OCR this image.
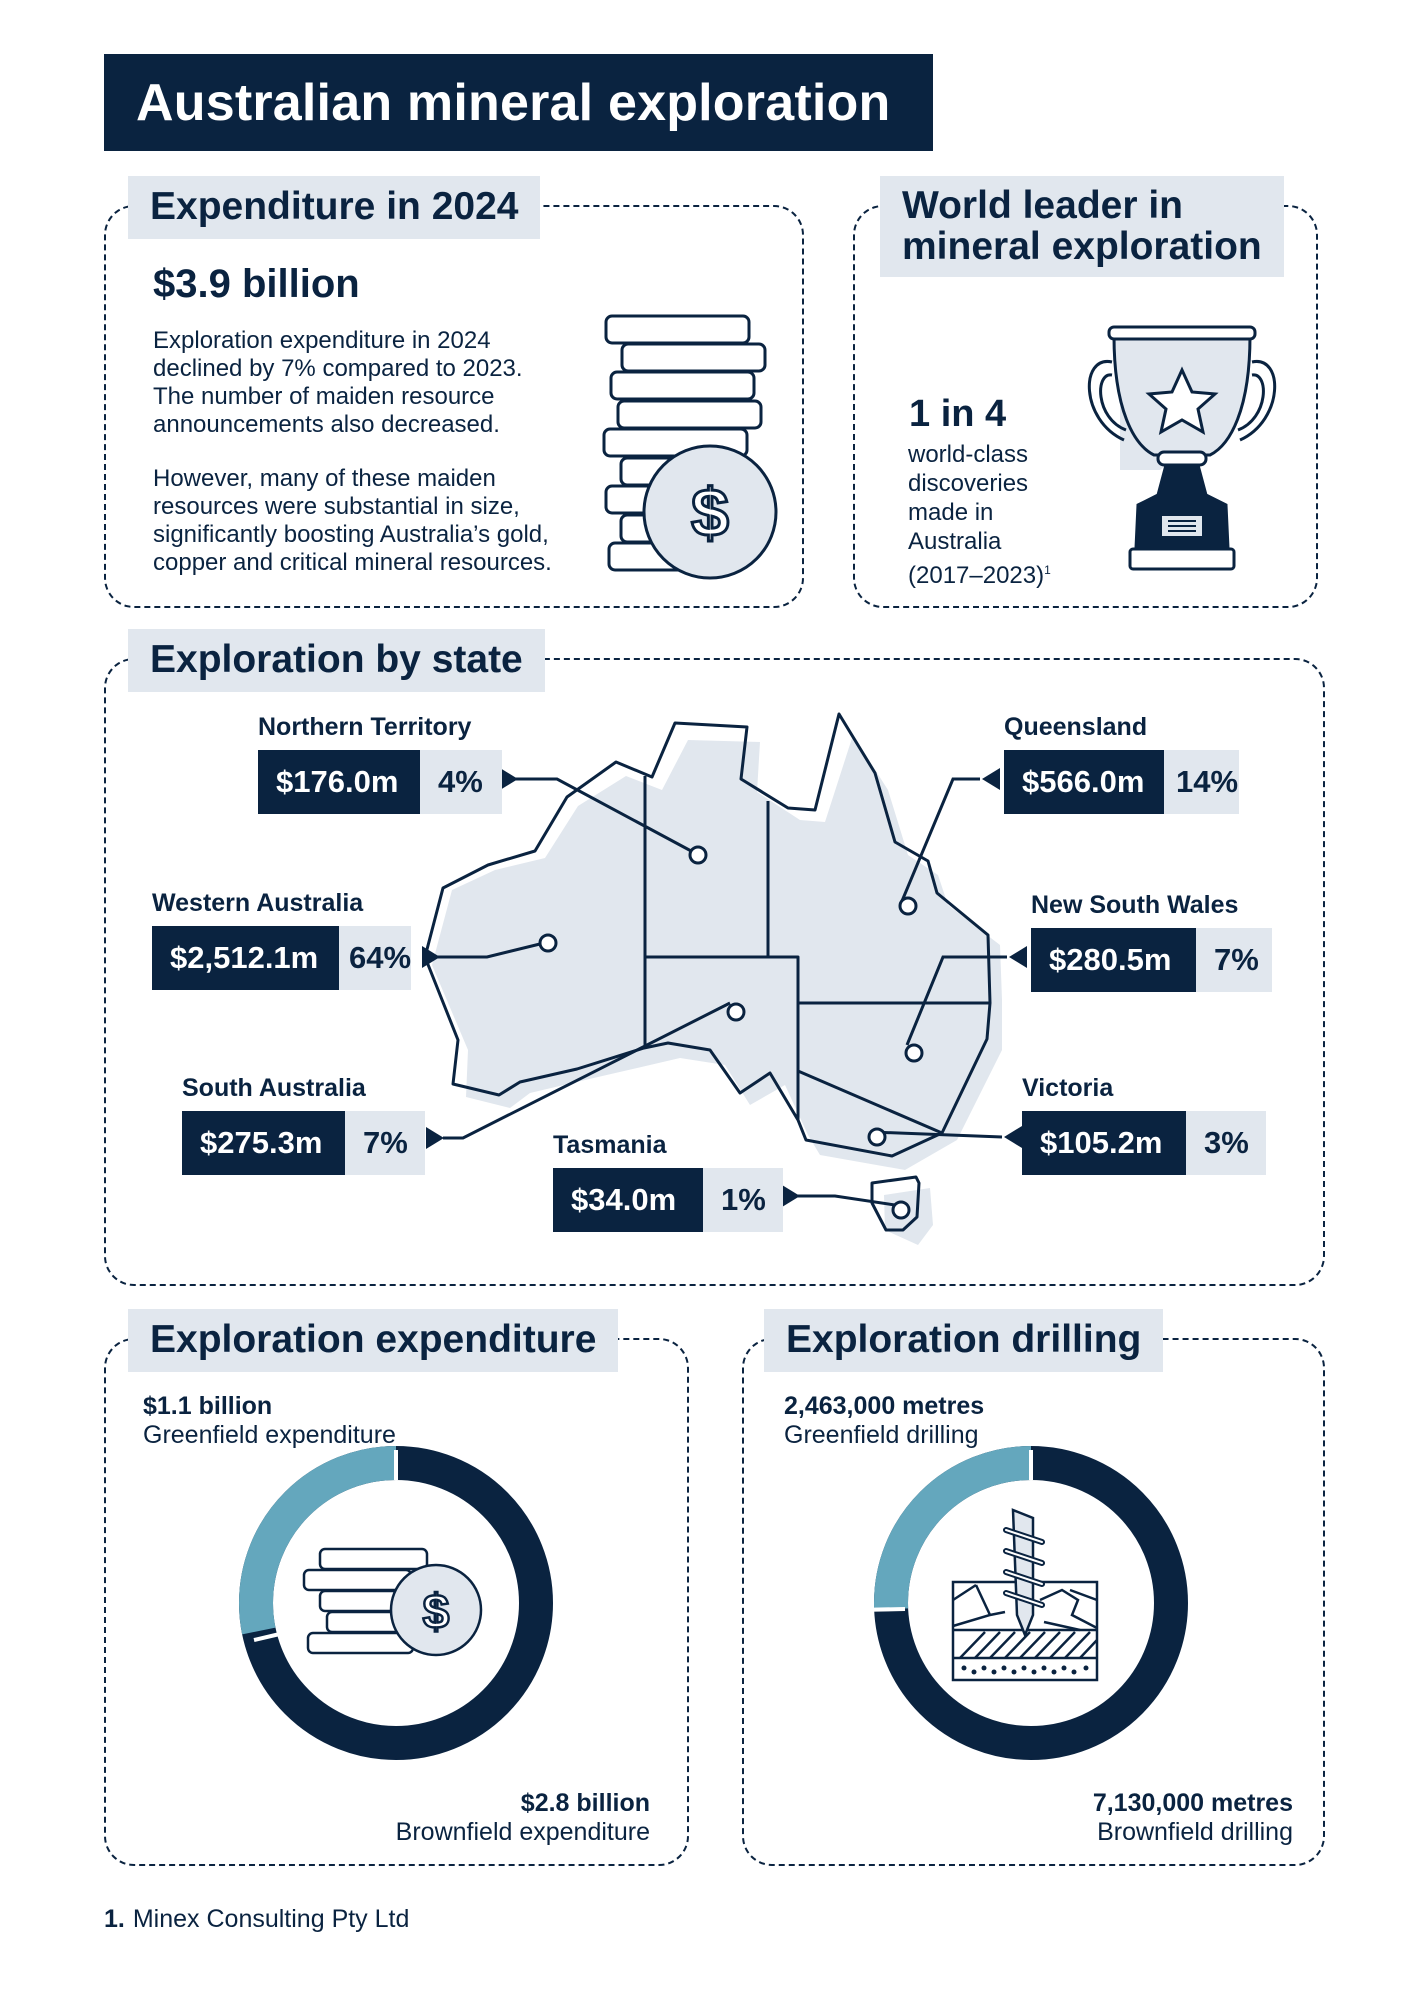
Australian mineral exploration
Expenditure in 2024
$3.9 billion
Exploration expenditure in 2024
declined by 7% compared to 2023.
The number of maiden resource
announcements also decreased.
However, many of these maiden
resources were substantial in size,
significantly boosting Australia’s gold,
copper and critical mineral resources.
$
World leader in
mineral exploration
1 in 4
world-class
discoveries
made in
Australia
(2017–2023)$^1$
Exploration by state
Northern Territory
$176.0m	4%
Western Australia
$2,512.1m 64%
South Australia
$275.3m	7%	Tasmania
$34.0m	1%
Queensland
$566.0m	14%
New South Wales
$280.5m	7%
Victoria
$105.2m	3%
Exploration expenditure
$1.1 billion
Greenfield expenditure
$2.8 billion
Brownfield expenditure
$
Exploration drilling
2,463,000 metres
Greenfield drilling
7,130,000 metres
Brownfield drilling
1. Minex Consulting Pty Ltd
